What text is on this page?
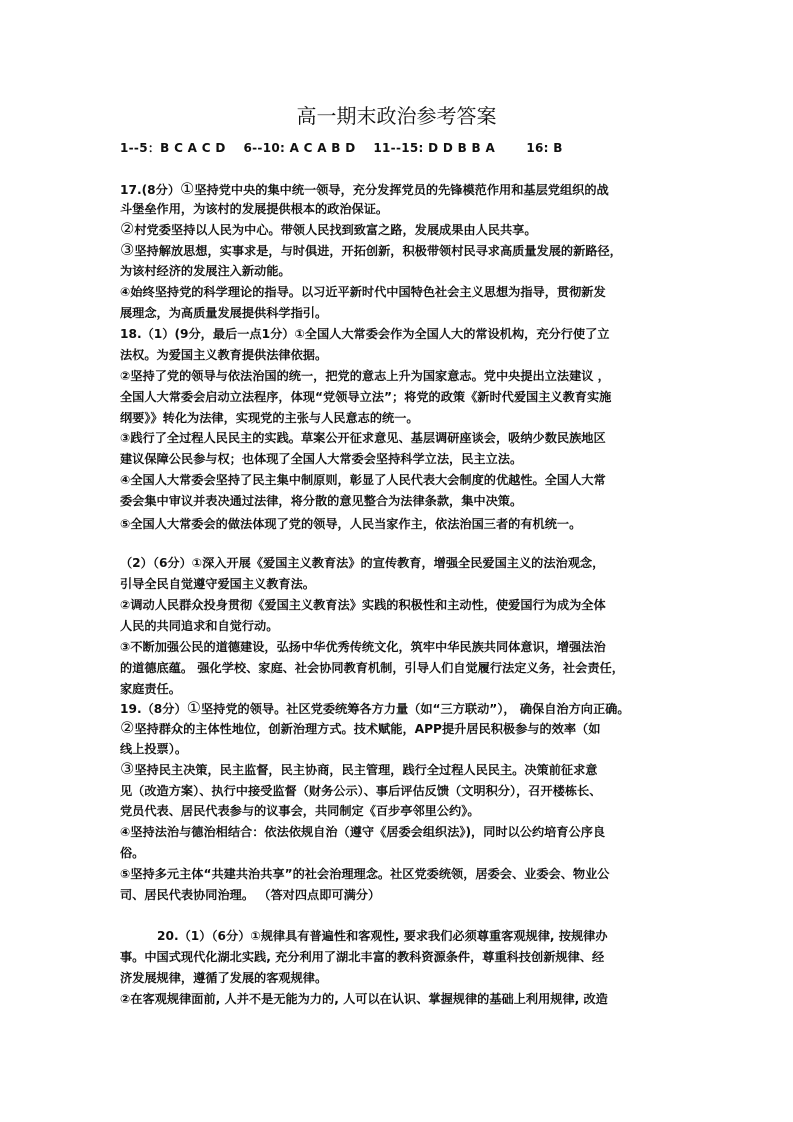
高一期末政治参考答案
1--5：B C A C D    6--10: A C A B D    11--15: D D B B A       16: B
17.(8分）①坚持党中央的集中统一领导，充分发挥党员的先锋模范作用和基层党组织的战
斗堡垒作用，为该村的发展提供根本的政治保证。
②村党委坚持以人民为中心。带领人民找到致富之路，发展成果由人民共享。
③坚持解放思想，实事求是，与时俱进，开拓创新，积极带领村民寻求高质量发展的新路径，
为该村经济的发展注入新动能。
④始终坚持党的科学理论的指导。以习近平新时代中国特色社会主义思想为指导，贯彻新发
展理念，为高质量发展提供科学指引。
18.（1）(9分，最后一点1分）①全国人大常委会作为全国人大的常设机构，充分行使了立
法权。为爱国主义教育提供法律依据。
②坚持了党的领导与依法治国的统一，把党的意志上升为国家意志。党中央提出立法建议 ，
全国人大常委会启动立法程序，体现“党领导立法”；将党的政策《新时代爱国主义教育实施
纲要》》转化为法律，实现党的主张与人民意志的统一。
③践行了全过程人民民主的实践。草案公开征求意见、基层调研座谈会，吸纳少数民族地区
建议保障公民参与权；也体现了全国人大常委会坚持科学立法，民主立法。
④全国人大常委会坚持了民主集中制原则，彰显了人民代表大会制度的优越性。全国人大常
委会集中审议并表决通过法律，将分散的意见整合为法律条款，集中决策。
⑤全国人大常委会的做法体现了党的领导，人民当家作主，依法治国三者的有机统一。
（2）（6分）①深入开展《爱国主义教育法》的宣传教育，增强全民爱国主义的法治观念，
引导全民自觉遵守爱国主义教育法。
②调动人民群众投身贯彻《爱国主义教育法》实践的积极性和主动性，使爱国行为成为全体
人民的共同追求和自觉行动。
③不断加强公民的道德建设，弘扬中华优秀传统文化，筑牢中华民族共同体意识，增强法治
的道德底蕴。 强化学校、家庭、社会协同教育机制，引导人们自觉履行法定义务，社会责任，
家庭责任。
19.（8分）①坚持党的领导。社区党委统筹各方力量（如“三方联动”）， 确保自治方向正确。
②坚持群众的主体性地位，创新治理方式。技术赋能，APP提升居民积极参与的效率（如
线上投票）。
③坚持民主决策，民主监督，民主协商，民主管理，践行全过程人民民主。决策前征求意
见（改造方案）、执行中接受监督（财务公示）、事后评估反馈（文明积分），召开楼栋长、
党员代表、居民代表参与的议事会，共同制定《百步亭邻里公约》。
④坚持法治与德治相结合：依法依规自治（遵守《居委会组织法》)，同时以公约培育公序良
俗。
⑤坚持多元主体“共建共治共享”的社会治理理念。社区党委统领，居委会、业委会、物业公
司、居民代表协同治理。 （答对四点即可满分）
20.（1）（6分）①规律具有普遍性和客观性, 要求我们必须尊重客观规律, 按规律办
事。中国式现代化湖北实践, 充分利用了湖北丰富的教科资源条件，尊重科技创新规律、经
济发展规律，遵循了发展的客观规律。
②在客观规律面前, 人并不是无能为力的, 人可以在认识、掌握规律的基础上利用规律, 改造
